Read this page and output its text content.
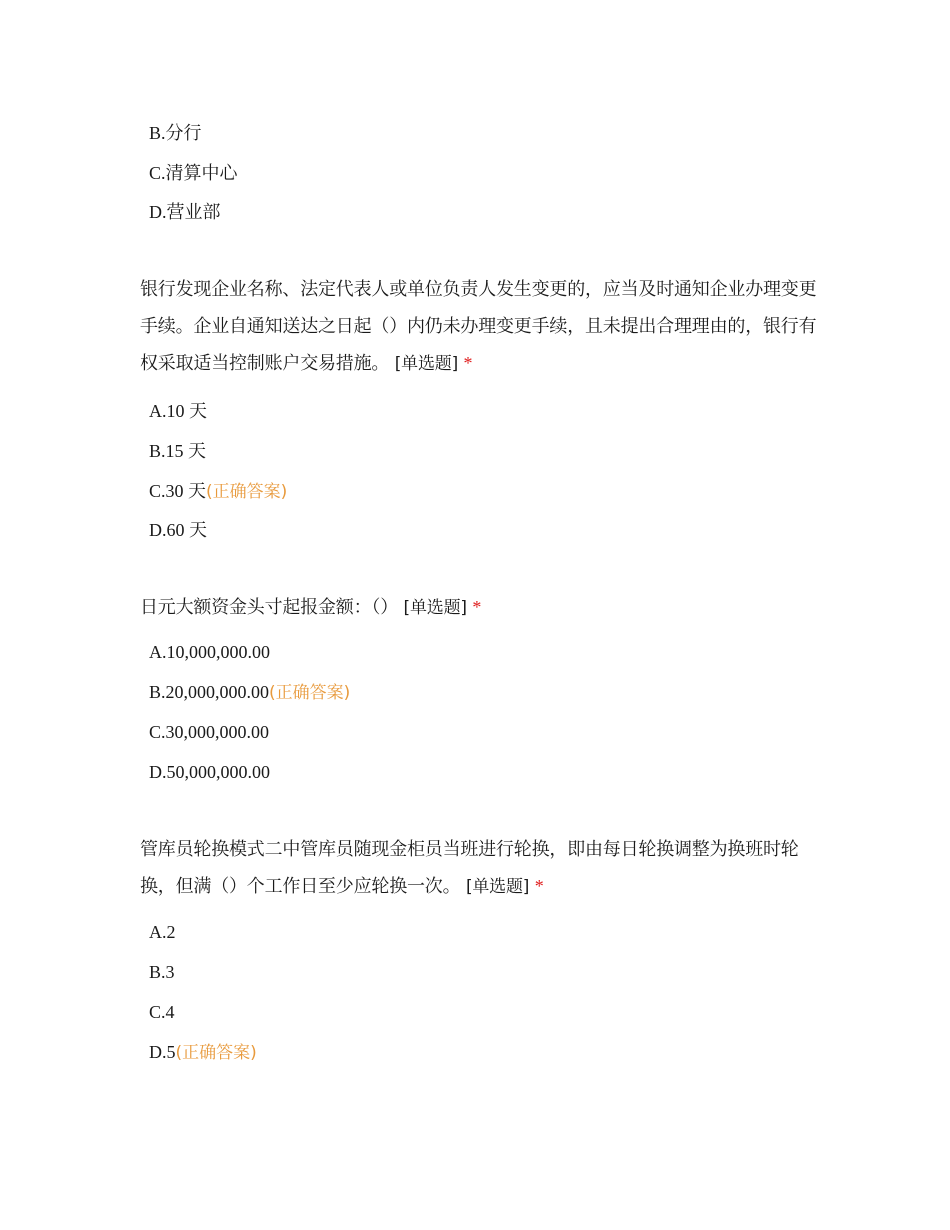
B.分行
C.清算中心
D.营业部
银行发现企业名称、法定代表人或单位负责人发生变更的，应当及时通知企业办理变更手续。企业自通知送达之日起（）内仍未办理变更手续，且未提出合理理由的，银行有权采取适当控制账户交易措施。 [单选题] *
A.10 天
B.15 天
C.30 天(正确答案)
D.60 天
日元大额资金头寸起报金额：（） [单选题] *
A.10,000,000.00
B.20,000,000.00(正确答案)
C.30,000,000.00
D.50,000,000.00
管库员轮换模式二中管库员随现金柜员当班进行轮换，即由每日轮换调整为换班时轮换，但满（）个工作日至少应轮换一次。 [单选题] *
A.2
B.3
C.4
D.5(正确答案)
